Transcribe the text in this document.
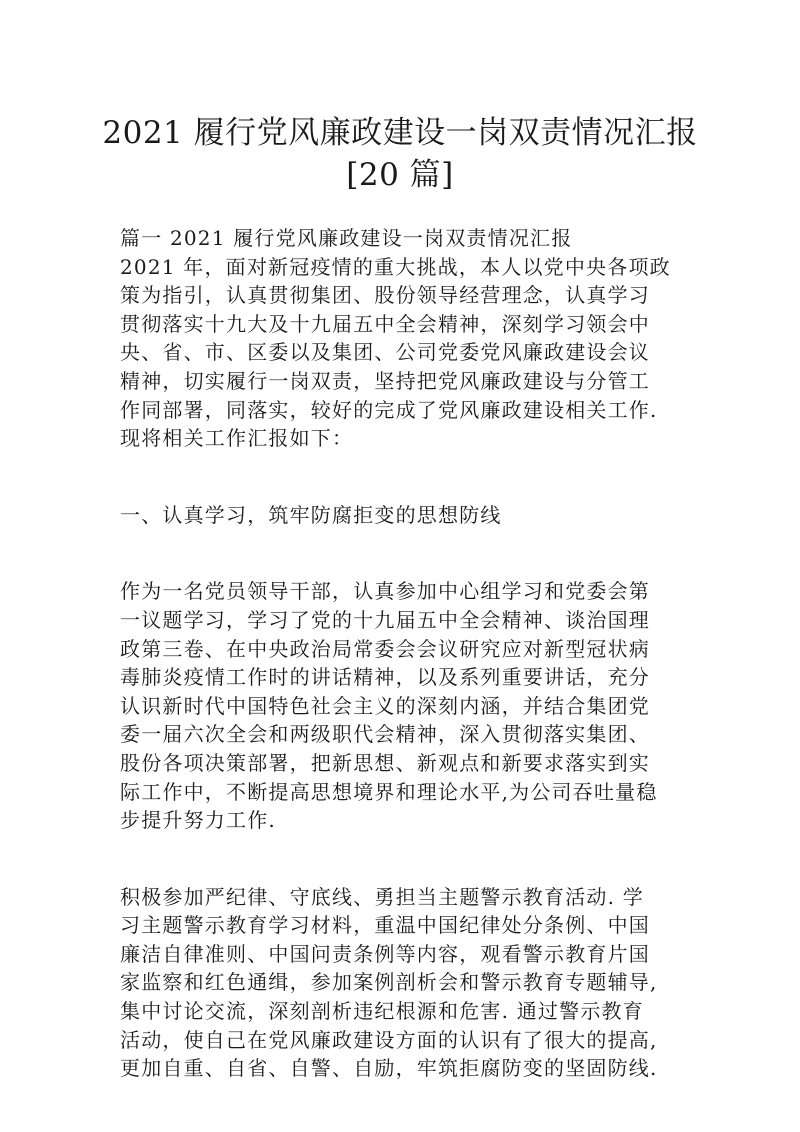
2021 履行党风廉政建设一岗双责情况汇报
[20 篇]
篇一 2021 履行党风廉政建设一岗双责情况汇报
2021 年，面对新冠疫情的重大挑战，本人以党中央各项政
策为指引，认真贯彻集团、股份领导经营理念，认真学习
贯彻落实十九大及十九届五中全会精神，深刻学习领会中
央、省、市、区委以及集团、公司党委党风廉政建设会议
精神，切实履行一岗双责，坚持把党风廉政建设与分管工
作同部署，同落实，较好的完成了党风廉政建设相关工作.
现将相关工作汇报如下：
一、认真学习，筑牢防腐拒变的思想防线
作为一名党员领导干部，认真参加中心组学习和党委会第
一议题学习，学习了党的十九届五中全会精神、谈治国理
政第三卷、在中央政治局常委会会议研究应对新型冠状病
毒肺炎疫情工作时的讲话精神，以及系列重要讲话，充分
认识新时代中国特色社会主义的深刻内涵，并结合集团党
委一届六次全会和两级职代会精神，深入贯彻落实集团、
股份各项决策部署，把新思想、新观点和新要求落实到实
际工作中，不断提高思想境界和理论水平,为公司吞吐量稳
步提升努力工作.
积极参加严纪律、守底线、勇担当主题警示教育活动. 学
习主题警示教育学习材料，重温中国纪律处分条例、中国
廉洁自律准则、中国问责条例等内容，观看警示教育片国
家监察和红色通缉，参加案例剖析会和警示教育专题辅导,
集中讨论交流，深刻剖析违纪根源和危害. 通过警示教育
活动，使自己在党风廉政建设方面的认识有了很大的提高,
更加自重、自省、自警、自励，牢筑拒腐防变的坚固防线.
